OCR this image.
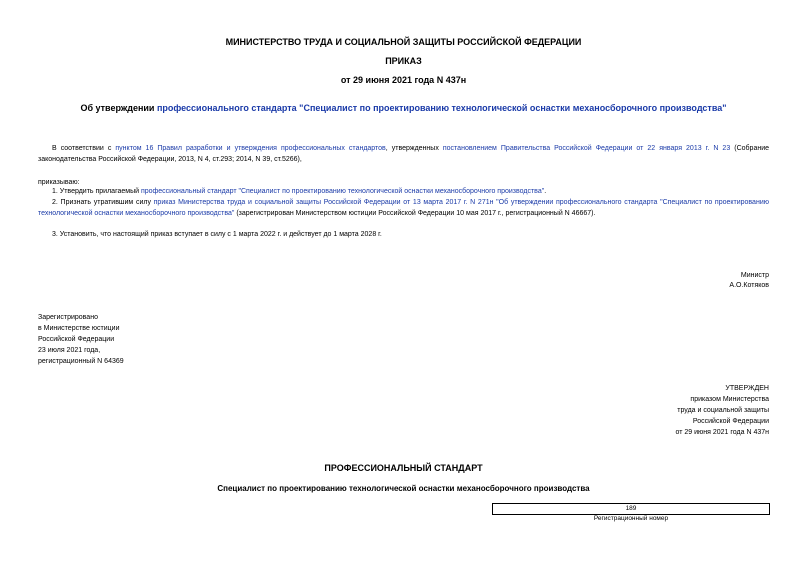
МИНИСТЕРСТВО ТРУДА И СОЦИАЛЬНОЙ ЗАЩИТЫ РОССИЙСКОЙ ФЕДЕРАЦИИ
ПРИКАЗ
от 29 июня 2021 года N 437н
Об утверждении профессионального стандарта "Специалист по проектированию технологической оснастки механосборочного производства"
В соответствии с пунктом 16 Правил разработки и утверждения профессиональных стандартов, утвержденных постановлением Правительства Российской Федерации от 22 января 2013 г. N 23 (Собрание законодательства Российской Федерации, 2013, N 4, ст.293; 2014, N 39, ст.5266),
приказываю:
1. Утвердить прилагаемый профессиональный стандарт "Специалист по проектированию технологической оснастки механосборочного производства".
2. Признать утратившим силу приказ Министерства труда и социальной защиты Российской Федерации от 13 марта 2017 г. N 271н "Об утверждении профессионального стандарта "Специалист по проектированию технологической оснастки механосборочного производства" (зарегистрирован Министерством юстиции Российской Федерации 10 мая 2017 г., регистрационный N 46667).
3. Установить, что настоящий приказ вступает в силу с 1 марта 2022 г. и действует до 1 марта 2028 г.
Министр
А.О.Котяков
Зарегистрировано
в Министерстве юстиции
Российской Федерации
23 июля 2021 года,
регистрационный N 64369
УТВЕРЖДЕН
приказом Министерства
труда и социальной защиты
Российской Федерации
от 29 июня 2021 года N 437н
ПРОФЕССИОНАЛЬНЫЙ СТАНДАРТ
Специалист по проектированию технологической оснастки механосборочного производства
189
Регистрационный номер
